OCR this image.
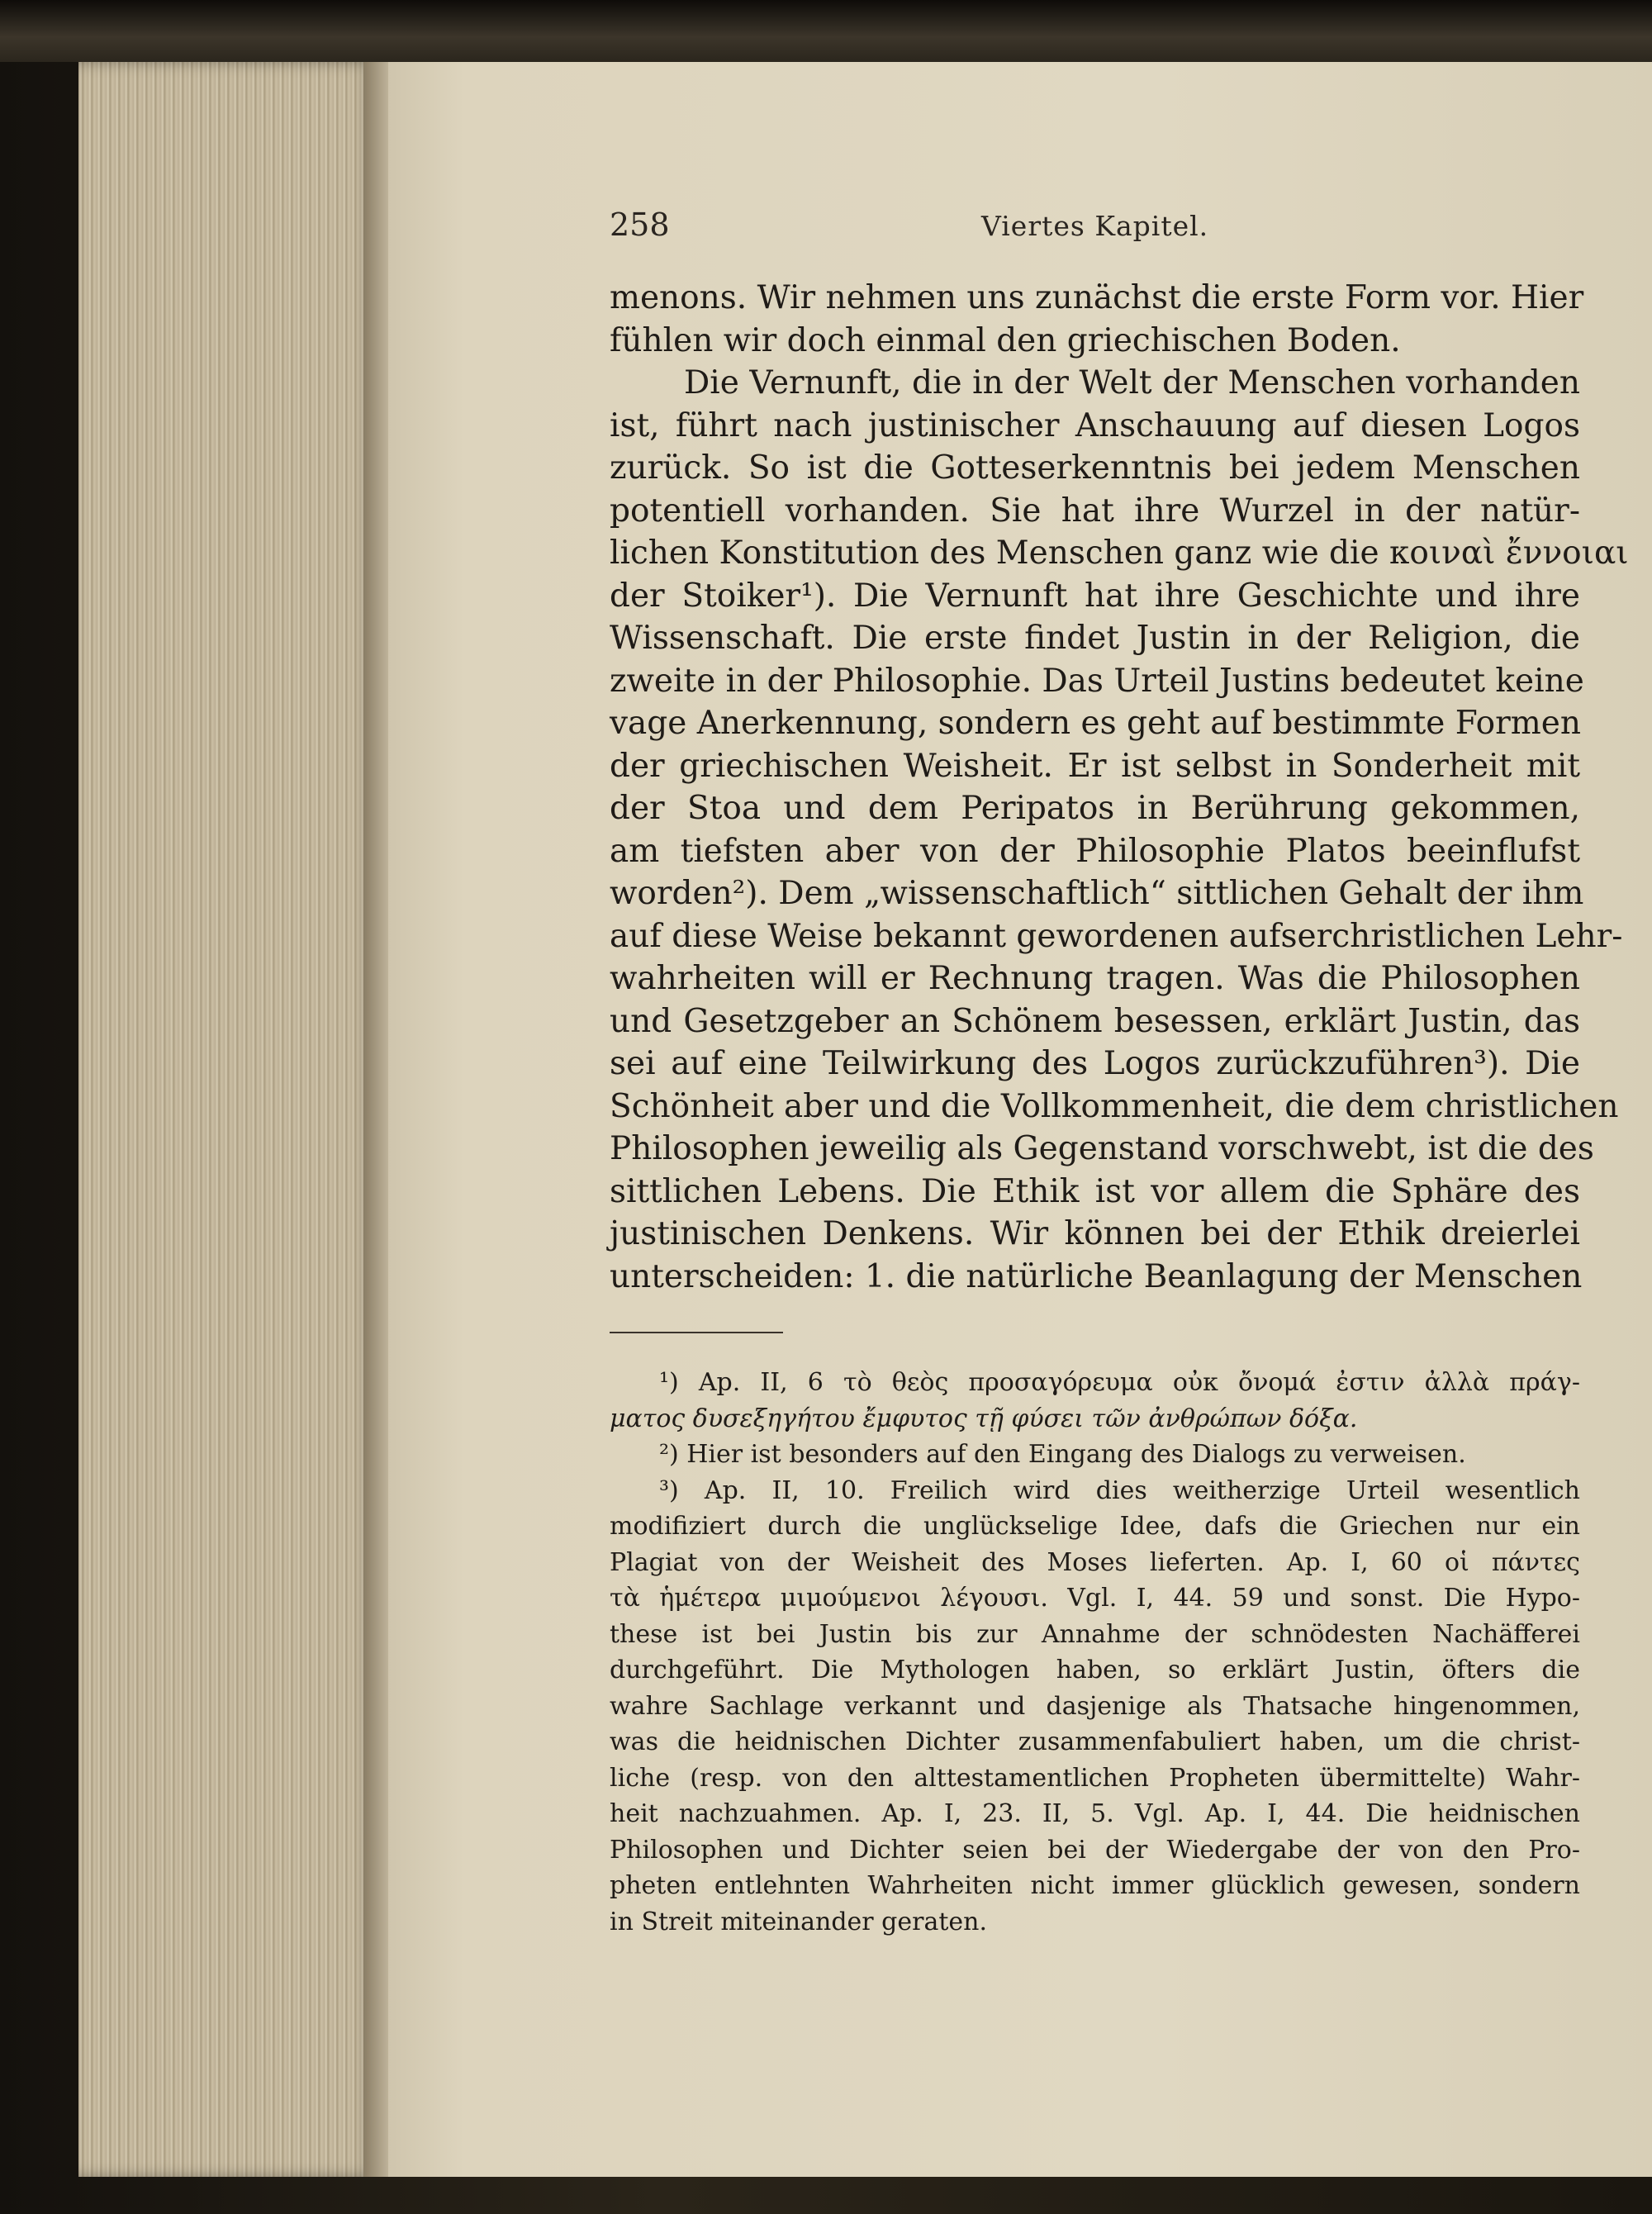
258	Viertes Kapitel.
menons. Wir nehmen uns zunächst die erste Form vor. Hier
fühlen wir doch einmal den griechischen Boden.
Die Vernunft, die in der Welt der Menschen vorhanden
ist, führt nach justinischer Anschauung auf diesen Logos
zurück. So ist die Gotteserkenntnis bei jedem Menschen
potentiell vorhanden. Sie hat ihre Wurzel in der natür-
lichen Konstitution des Menschen ganz wie die κοιναὶ ἔννοιαι
der Stoiker¹). Die Vernunft hat ihre Geschichte und ihre
Wissenschaft. Die erste findet Justin in der Religion, die
zweite in der Philosophie. Das Urteil Justins bedeutet keine
vage Anerkennung, sondern es geht auf bestimmte Formen
der griechischen Weisheit. Er ist selbst in Sonderheit mit
der Stoa und dem Peripatos in Berührung gekommen,
am tiefsten aber von der Philosophie Platos beeinflufst
worden²). Dem „wissenschaftlich“ sittlichen Gehalt der ihm
auf diese Weise bekannt gewordenen aufserchristlichen Lehr-
wahrheiten will er Rechnung tragen. Was die Philosophen
und Gesetzgeber an Schönem besessen, erklärt Justin, das
sei auf eine Teilwirkung des Logos zurückzuführen³). Die
Schönheit aber und die Vollkommenheit, die dem christlichen
Philosophen jeweilig als Gegenstand vorschwebt, ist die des
sittlichen Lebens. Die Ethik ist vor allem die Sphäre des
justinischen Denkens. Wir können bei der Ethik dreierlei
unterscheiden: 1. die natürliche Beanlagung der Menschen
¹) Ap. II, 6 τὸ θεὸς προσαγόρευμα οὐκ ὄνομά ἐστιν ἀλλὰ πράγ-
ματος δυσεξηγήτου ἔμφυτος τῇ φύσει τῶν ἀνθρώπων δόξα.
²) Hier ist besonders auf den Eingang des Dialogs zu verweisen.
³) Ap. II, 10. Freilich wird dies weitherzige Urteil wesentlich
modifiziert durch die unglückselige Idee, dafs die Griechen nur ein
Plagiat von der Weisheit des Moses lieferten. Ap. I, 60 οἱ πάντες
τὰ ἡμέτερα μιμούμενοι λέγουσι. Vgl. I, 44. 59 und sonst. Die Hypo-
these ist bei Justin bis zur Annahme der schnödesten Nachäfferei
durchgeführt. Die Mythologen haben, so erklärt Justin, öfters die
wahre Sachlage verkannt und dasjenige als Thatsache hingenommen,
was die heidnischen Dichter zusammenfabuliert haben, um die christ-
liche (resp. von den alttestamentlichen Propheten übermittelte) Wahr-
heit nachzuahmen. Ap. I, 23. II, 5. Vgl. Ap. I, 44. Die heidnischen
Philosophen und Dichter seien bei der Wiedergabe der von den Pro-
pheten entlehnten Wahrheiten nicht immer glücklich gewesen, sondern
in Streit miteinander geraten.
